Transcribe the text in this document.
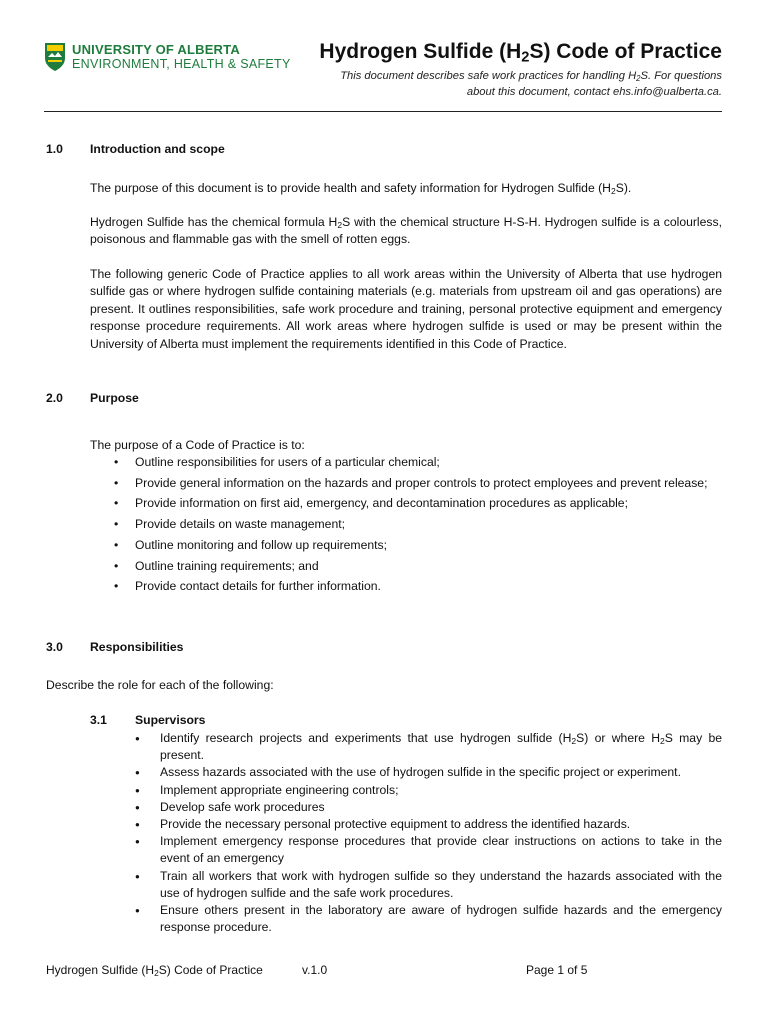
UNIVERSITY OF ALBERTA
ENVIRONMENT, HEALTH & SAFETY
Hydrogen Sulfide $(H_2S)$ Code of Practice
This document describes safe work practices for handling $H_2S$. For questions
about this document, contact ehs.info@ualberta.ca.
1.0 Introduction and scope
The purpose of this document is to provide health and safety information for Hydrogen Sulfide $(H_2S)$.
Hydrogen Sulfide has the chemical formula $H_2S$ with the chemical structure H-S-H. Hydrogen sulfide is a colourless, poisonous and flammable gas with the smell of rotten eggs.
The following generic Code of Practice applies to all work areas within the University of Alberta that use hydrogen sulfide gas or where hydrogen sulfide containing materials (e.g. materials from upstream oil and gas operations) are present. It outlines responsibilities, safe work procedure and training, personal protective equipment and emergency response procedure requirements. All work areas where hydrogen sulfide is used or may be present within the University of Alberta must implement the requirements identified in this Code of Practice.
2.0 Purpose
The purpose of a Code of Practice is to:
• Outline responsibilities for users of a particular chemical;
• Provide general information on the hazards and proper controls to protect employees and prevent release;
• Provide information on first aid, emergency, and decontamination procedures as applicable;
• Provide details on waste management;
• Outline monitoring and follow up requirements;
• Outline training requirements; and
• Provide contact details for further information.
3.0 Responsibilities
Describe the role for each of the following:
3.1 Supervisors
● Identify research projects and experiments that use hydrogen sulfide $(H_2S)$ or where $H_2S$ may be present.
● Assess hazards associated with the use of hydrogen sulfide in the specific project or experiment.
● Implement appropriate engineering controls;
● Develop safe work procedures
● Provide the necessary personal protective equipment to address the identified hazards.
● Implement emergency response procedures that provide clear instructions on actions to take in the event of an emergency
● Train all workers that work with hydrogen sulfide so they understand the hazards associated with the use of hydrogen sulfide and the safe work procedures.
● Ensure others present in the laboratory are aware of hydrogen sulfide hazards and the emergency response procedure.
Hydrogen Sulfide $(H_2S)$ Code of Practice	v.1.0	Page 1 of 5
